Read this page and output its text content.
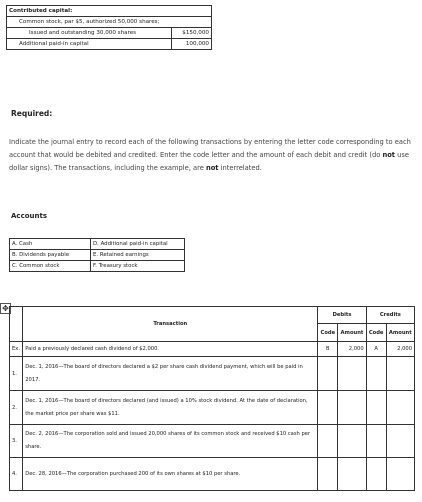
Contributed capital:	
Common stock, par $5, authorized 50,000 shares;	
Issued and outstanding 30,000 shares	$150,000
Additional paid-in capital	100,000
Required:
Indicate the journal entry to record each of the following transactions by entering the letter code corresponding to each account that would be debited and credited. Enter the code letter and the amount of each debit and credit (do not use dollar signs). The transactions, including the example, are not interrelated.
Accounts
A. Cash	D. Additional paid-in capital
B. Dividends payable	E. Retained earnings
C. Common stock	F. Treasury stock
✥
	Transaction	Debits		Credits	
		Code	Amount	Code	Amount
Ex.	Paid a previously declared cash dividend of $2,000.	B	2,000	A	2,000
1.	Dec. 1, 2016—The board of directors declared a $2 per share cash dividend payment, which will be paid in 2017.				
2.	Dec. 1, 2016—The board of directors declared (and issued) a 10% stock dividend. At the date of declaration, the market price per share was $11.				
3.	Dec. 2, 2016—The corporation sold and issued 20,000 shares of its common stock and received $10 cash per share.				
4.	Dec. 28, 2016—The corporation purchased 200 of its own shares at $10 per share.				
